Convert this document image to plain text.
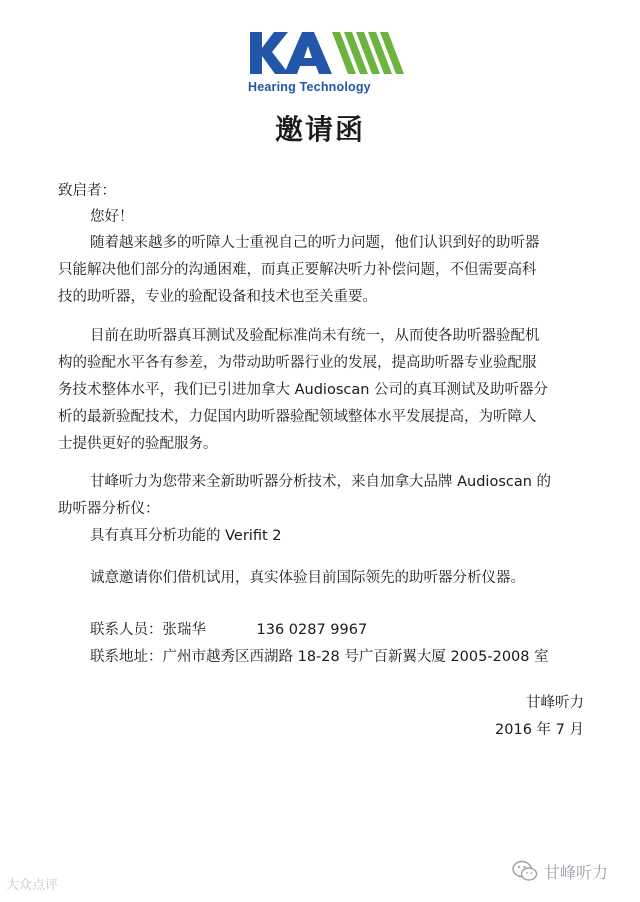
Hearing Technology
邀请函
致启者：
您好！
随着越来越多的听障人士重视自己的听力问题，他们认识到好的助听器
只能解决他们部分的沟通困难，而真正要解决听力补偿问题，不但需要高科
技的助听器，专业的验配设备和技术也至关重要。
目前在助听器真耳测试及验配标准尚未有统一，从而使各助听器验配机
构的验配水平各有参差，为带动助听器行业的发展，提高助听器专业验配服
务技术整体水平，我们已引进加拿大 Audioscan 公司的真耳测试及助听器分
析的最新验配技术，力促国内助听器验配领域整体水平发展提高，为听障人
士提供更好的验配服务。
甘峰听力为您带来全新助听器分析技术，来自加拿大品牌 Audioscan 的
助听器分析仪：
具有真耳分析功能的 Verifit 2
诚意邀请你们借机试用，真实体验目前国际领先的助听器分析仪器。
联系人员：张瑞华	136 0287 9967
联系地址：广州市越秀区西湖路 18-28 号广百新翼大厦 2005-2008 室
甘峰听力
2016 年 7 月
甘峰听力
大众点评
